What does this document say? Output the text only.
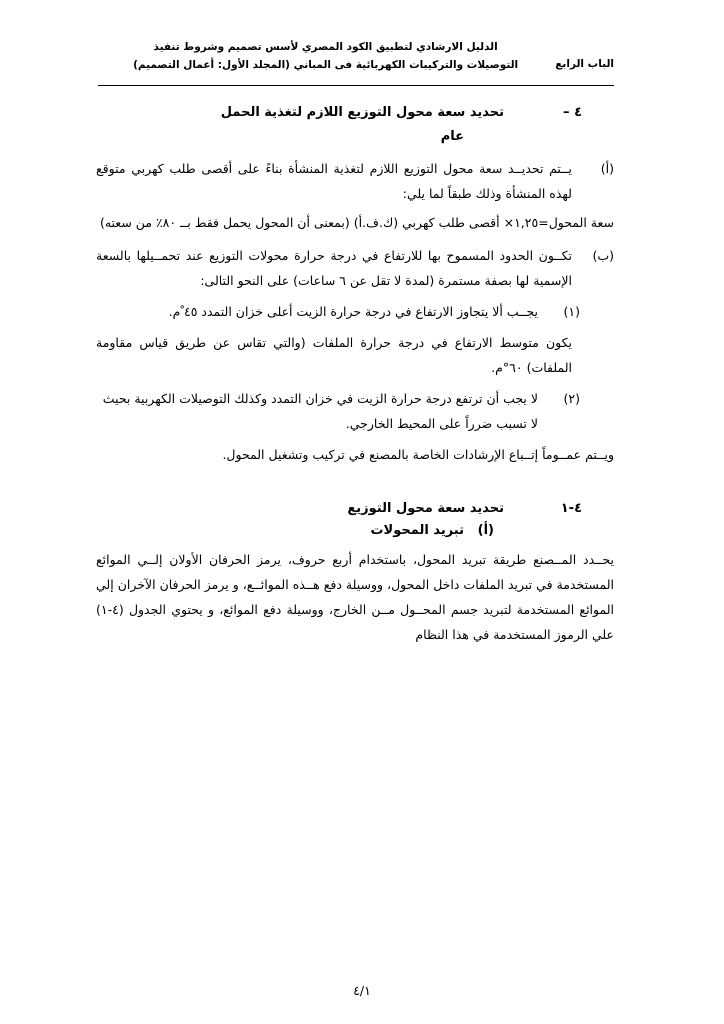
الباب الرابع
الدليل الارشادي لتطبيق الكود المصري لأسس تصميم وشروط تنفيذ
التوصيلات والتركيبات الكهربائية فى المباني (المجلد الأول: أعمال التصميم)
٤ –
تحديد سعة محول التوزيع اللازم لتغذية الحمل
عام
(أ)
يــتم تحديــد سعة محول التوزيع اللازم لتغذية المنشأة بناءً على أقصى طلب كهربي متوقع لهذه المنشأة وذلك طبقاً لما يلي:
سعة المحول=١,٢٥× أقصى طلب كهربي (ك.ف.أ) (بمعنى أن المحول يحمل فقط بــ ٨٠٪ من سعته)
(ب)
تكــون الحدود المسموح بها للارتفاع في درجة حرارة محولات التوزيع عند تحمــيلها بالسعة الإسمية لها بصفة مستمرة (لمدة لا تقل عن ٦ ساعات) على النحو التالى:
(١)
يجــب ألا يتجاوز الارتفاع في درجة حرارة الزيت أعلى خزان التمدد ٤٥ ْم.
يكون متوسط الارتفاع في درجة حرارة الملفات (والتي تقاس عن طريق قياس مقاومة الملفات) ٦٠°م.
(٢)
لا يجب أن ترتفع درجة حرارة الزيت في خزان التمدد وكذلك التوصيلات الكهربية بحيث لا تسبب ضرراً على المحيط الخارجي.
ويــتم عمــوماً إتــباع الإرشادات الخاصة بالمصنع في تركيب وتشغيل المحول.
٤-١
تحديد سعة محول التوزيع
(أ)
تبريد المحولات
يحــدد المــصنع طريقة تبريد المحول، باستخدام أربع حروف، يرمز الحرفان الأولان إلــي الموائع المستخدمة في تبريد الملفات داخل المحول، ووسيلة دفع هــذه الموائــع، و يرمز الحرفان الآخران إلي الموائع المستخدمة لتبريد جسم المحــول مــن الخارج، ووسيلة دفع الموائع، و يحتوي الجدول (٤-١) علي الرموز المستخدمة في هذا النظام
٤/١
